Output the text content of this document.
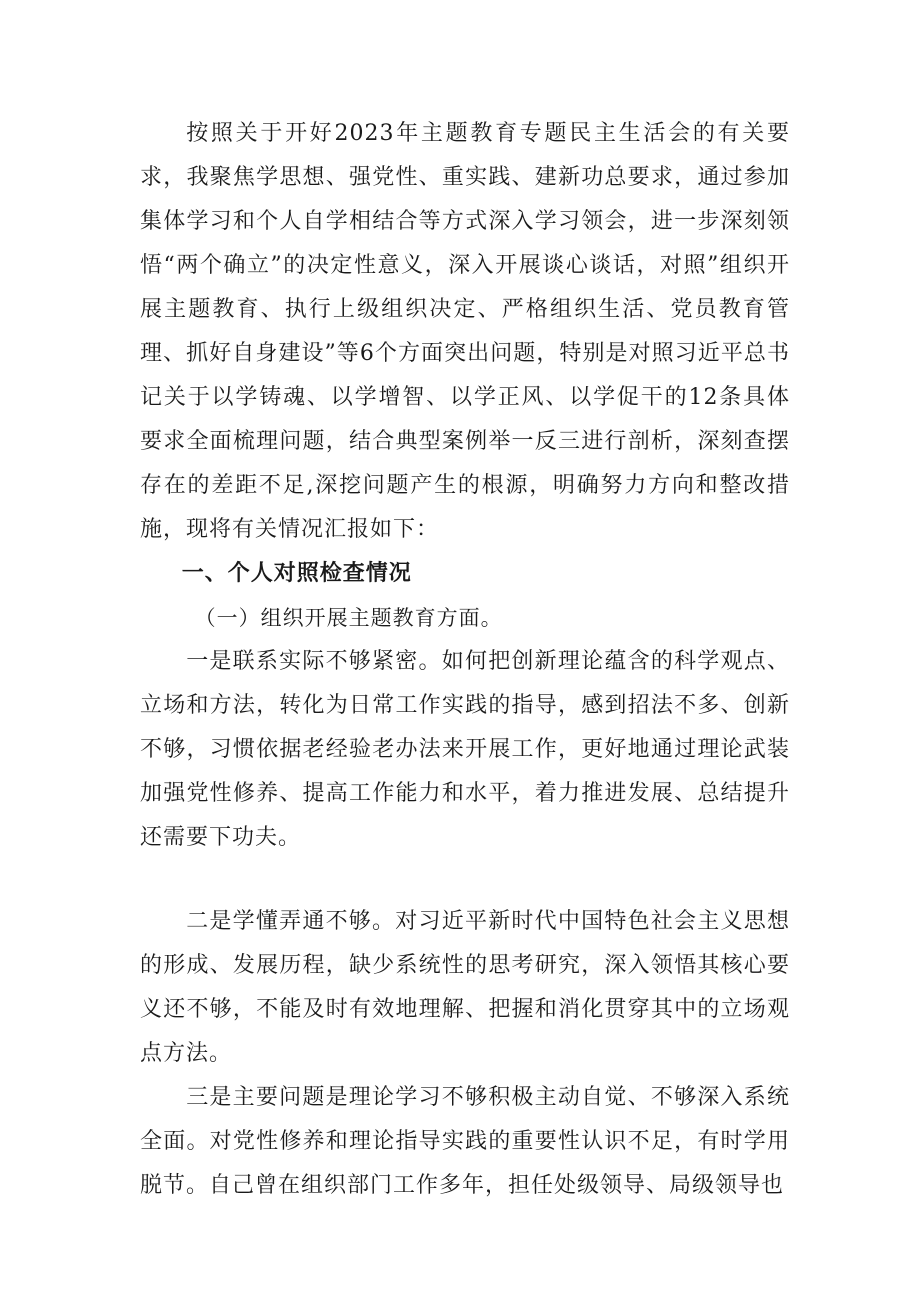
按照关于开好2023年主题教育专题民主生活会的有关要求，我聚焦学思想、强党性、重实践、建新功总要求，通过参加集体学习和个人自学相结合等方式深入学习领会，进一步深刻领悟“两个确立”的决定性意义，深入开展谈心谈话，对照”组织开展主题教育、执行上级组织决定、严格组织生活、党员教育管理、抓好自身建设”等6个方面突出问题，特别是对照习近平总书记关于以学铸魂、以学增智、以学正风、以学促干的12条具体要求全面梳理问题，结合典型案例举一反三进行剖析，深刻查摆存在的差距不足,深挖问题产生的根源，明确努力方向和整改措施，现将有关情况汇报如下：

一、个人对照检查情况

（一）组织开展主题教育方面。

一是联系实际不够紧密。如何把创新理论蕴含的科学观点、立场和方法，转化为日常工作实践的指导，感到招法不多、创新不够，习惯依据老经验老办法来开展工作，更好地通过理论武装加强党性修养、提高工作能力和水平，着力推进发展、总结提升还需要下功夫。

二是学懂弄通不够。对习近平新时代中国特色社会主义思想的形成、发展历程，缺少系统性的思考研究，深入领悟其核心要义还不够，不能及时有效地理解、把握和消化贯穿其中的立场观点方法。

三是主要问题是理论学习不够积极主动自觉、不够深入系统全面。对党性修养和理论指导实践的重要性认识不足，有时学用脱节。自己曾在组织部门工作多年，担任处级领导、局级领导也
